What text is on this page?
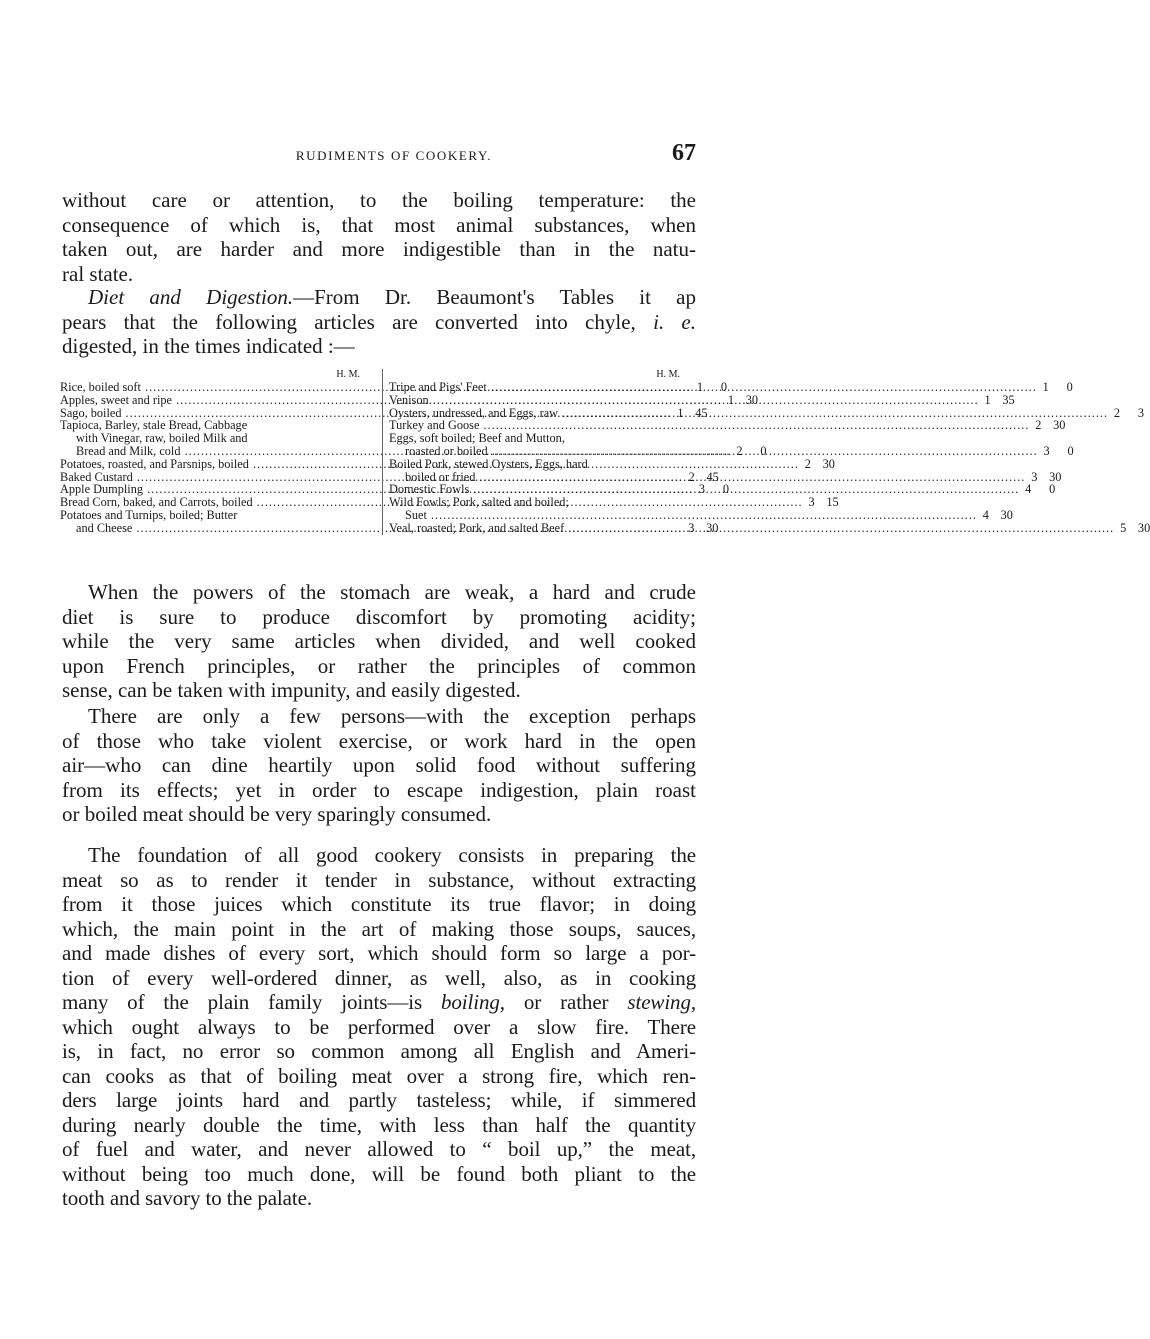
RUDIMENTS OF COOKERY.	67

without care or attention, to the boiling temperature: the
consequence of which is, that most animal substances, when
taken out, are harder and more indigestible than in the natu-
ral state.

Diet and Digestion.—From Dr. Beaumont's Tables it ap
pears that the following articles are converted into chyle, i. e.
digested, in the times indicated :—

H. M.
Rice, boiled soft .....	1	0
Apples, sweet and ripe .....	1 30
Sago, boiled .....	1 45
Tapioca, Barley, stale Bread, Cabbage
with Vinegar, raw, boiled Milk and
Bread and Milk, cold .....	2	0
Potatoes, roasted, and Parsnips, boiled .....	2 30
Baked Custard .....	2 45
Apple Dumpling .....	3	0
Bread Corn, baked, and Carrots, boiled .....	3 15
Potatoes and Turnips, boiled; Butter
and Cheese .....	3 30
H. M.
Tripe and Pigs' Feet .....	1	0
Venison .....	1 35
Oysters, undressed, and Eggs, raw .....	2	3
Turkey and Goose .....	2 30
Eggs, soft boiled; Beef and Mutton,
roasted or boiled .....	3	0
Boiled Pork, stewed Oysters, Eggs, hard
boiled or fried .....	3 30
Domestic Fowls .....	4	0
Wild Fowls; Pork, salted and boiled;
Suet .....	4 30
Veal, roasted; Pork, and salted Beef .....	5 30

When the powers of the stomach are weak, a hard and crude
diet is sure to produce discomfort by promoting acidity;
while the very same articles when divided, and well cooked
upon French principles, or rather the principles of common
sense, can be taken with impunity, and easily digested.

There are only a few persons—with the exception perhaps
of those who take violent exercise, or work hard in the open
air—who can dine heartily upon solid food without suffering
from its effects; yet in order to escape indigestion, plain roast
or boiled meat should be very sparingly consumed.

The foundation of all good cookery consists in preparing the
meat so as to render it tender in substance, without extracting
from it those juices which constitute its true flavor; in doing
which, the main point in the art of making those soups, sauces,
and made dishes of every sort, which should form so large a por-
tion of every well-ordered dinner, as well, also, as in cooking
many of the plain family joints—is boiling, or rather stewing,
which ought always to be performed over a slow fire. There
is, in fact, no error so common among all English and Ameri-
can cooks as that of boiling meat over a strong fire, which ren-
ders large joints hard and partly tasteless; while, if simmered
during nearly double the time, with less than half the quantity
of fuel and water, and never allowed to “ boil up,” the meat,
without being too much done, will be found both pliant to the
tooth and savory to the palate.
